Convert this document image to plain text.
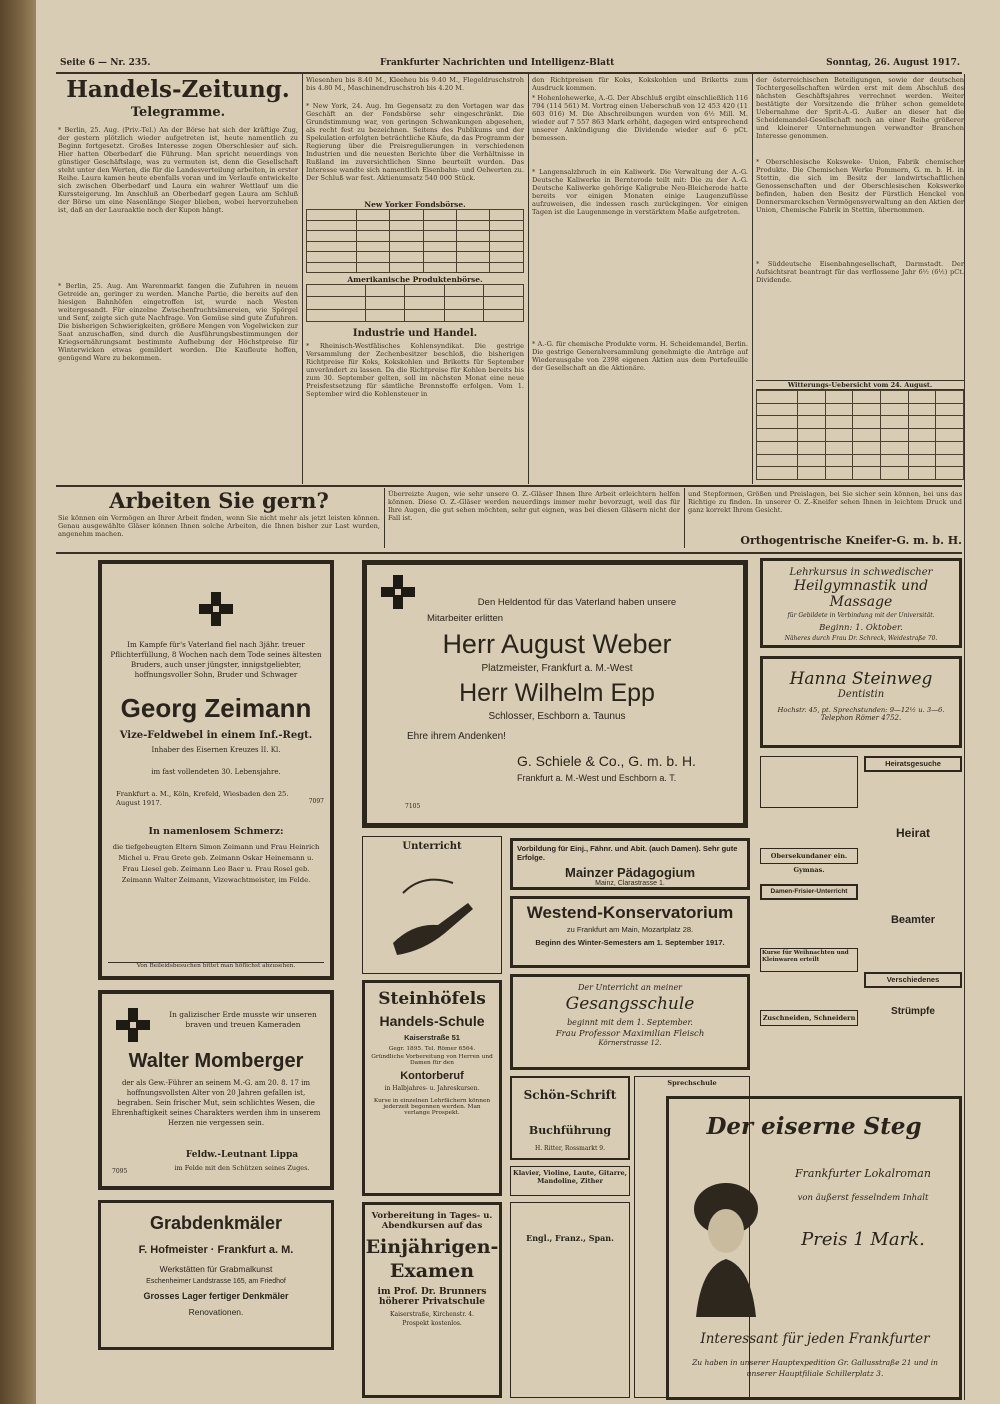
Seite 6 — Nr. 235.	Frankfurter Nachrichten und Intelligenz-Blatt	Sonntag, 26. August 1917.
Handels-Zeitung.
Telegramme.
* Berlin, 25. Aug. (Priv.-Tel.) An der Börse hat sich der kräftige Zug, der gestern plötzlich wieder aufgetreten ist, heute namentlich zu Beginn fortgesetzt. Großes Interesse zogen Oberschlesier auf sich. Hier hatten Oberbedarf die Führung. Man spricht neuerdings von günstiger Geschäftslage, was zu vermuten ist, denn die Gesellschaft steht unter den Werten, die für die Landesverteilung arbeiten, in erster Reihe. Laura kamen heute ebenfalls voran und im Verlaufe entwickelte sich zwischen Oberbedarf und Laura ein wahrer Wettlauf um die Kurssteigerung. Im Anschluß an Oberbedarf gegen Laura am Schluß der Börse um eine Nasenlänge Sieger blieben, wobei hervorzuheben ist, daß an der Lauraaktie noch der Kupon hängt.
* Berlin, 25. Aug. Am Warenmarkt fangen die Zufuhren in neuem Getreide an, geringer zu werden. Manche Partie, die bereits auf den hiesigen Bahnhöfen eingetroffen ist, wurde nach Westen weitergesandt. Für einzelne Zwischenfruchtsämereien, wie Spörgel und Senf, zeigte sich gute Nachfrage. Von Gemüse sind gute Zufuhren. Die bisherigen Schwierigkeiten, größere Mengen von Vogelwicken zur Saat anzuschaffen, sind durch die Ausführungsbestimmungen der Kriegsernährungsamt bestimmte Aufhebung der Höchstpreise für Winterwicken etwas gemildert worden. Die Kaufleute hoffen, genügend Ware zu bekommen.
Wiesenheu bis 8.40 M., Kleeheu bis 9.40 M., Flegeldruschstroh bis 4.80 M., Maschinendruschstroh bis 4.20 M.
* New York, 24. Aug. Im Gegensatz zu den Vortagen war das Geschäft an der Fondsbörse sehr eingeschränkt. Die Grundstimmung war, von geringen Schwankungen abgesehen, als recht fest zu bezeichnen. Seitens des Publikums und der Spekulation erfolgten beträchtliche Käufe, da das Programm der Regierung über die Preisregulierungen in verschiedenen Industrien und die neuesten Berichte über die Verhältnisse in Rußland im zuversichtlichen Sinne beurteilt wurden. Das Interesse wandte sich namentlich Eisenbahn- und Oelwerten zu. Der Schluß war fest. Aktienumsatz 540 000 Stück.
New Yorker Fondsbörse.

Amerikanische Produktenbörse.

Industrie und Handel.
* Rheinisch-Westfälisches Kohlensyndikat. Die gestrige Versammlung der Zechenbesitzer beschloß, die bisherigen Richtpreise für Koks, Kokskohlen und Briketts für September unverändert zu lassen. Da die Richtpreise für Kohlen bereits bis zum 30. September gelten, soll im nächsten Monat eine neue Preisfestsetzung für sämtliche Brennstoffe erfolgen. Vom 1. September wird die Kohlensteuer in
den Richtpreisen für Koks, Kokskohlen und Briketts zum Ausdruck kommen.
* Hohenlohewerke, A.-G. Der Abschluß ergibt einschließlich 116 794 (114 561) M. Vortrag einen Ueberschuß von 12 453 420 (11 603 016) M. Die Abschreibungen wurden von 6½ Mill. M. wieder auf 7 557 863 Mark erhöht, dagegen wird entsprechend unserer Ankündigung die Dividende wieder auf 6 pCt. bemessen.
* Langensalzbruch in ein Kaliwerk. Die Verwaltung der A.-G. Deutsche Kaliwerke in Bernterode teilt mit: Die zu der A.-G. Deutsche Kaliwerke gehörige Kaligrube Neu-Bleicherode hatte bereits vor einigen Monaten einige Laugenzuflüsse aufzuweisen, die indessen rasch zurückgingen. Vor einigen Tagen ist die Laugenmenge in verstärktem Maße aufgetreten.
* A.-G. für chemische Produkte vorm. H. Scheidemandel, Berlin. Die gestrige Generalversammlung genehmigte die Anträge auf Wiederausgabe von 2398 eigenen Aktien aus dem Portefeuille der Gesellschaft an die Aktionäre.
der österreichischen Beteiligungen, sowie der deutschen Tochtergesellschaften würden erst mit dem Abschluß des nächsten Geschäftsjahres verrechnet werden. Weiter bestätigte der Vorsitzende die früher schon gemeldete Uebernahme der Sprit-A.-G. Außer an dieser hat die Scheidemandel-Gesellschaft noch an einer Reihe größerer und kleinerer Unternehmungen verwandter Branchen Interesse genommen.
* Oberschlesische Koksweke- Union, Fabrik chemischer Produkte. Die Chemischen Werke Pommern, G. m. b. H. in Stettin, die sich im Besitz der landwirtschaftlichen Genossenschaften und der Oberschlesischen Kokswerke befinden, haben den Besitz der Fürstlich Henckel von Donnersmarckschen Vermögensverwaltung an den Aktien der Union, Chemische Fabrik in Stettin, übernommen.
* Süddeutsche Eisenbahngesellschaft, Darmstadt. Der Aufsichtsrat beantragt für das verflossene Jahr 6½ (6½) pCt. Dividende.
Witterungs-Uebersicht vom 24. August.

Arbeiten Sie gern?
Sie können ein Vermögen an Ihrer Arbeit finden, wenn Sie nicht mehr als jetzt leisten können. Genau ausgewählte Gläser können Ihnen solche Arbeiten, die Ihnen bisher zur Last wurden, angenehm machen.
Überreizte Augen, wie sehr unsere O. Z.-Gläser Ihnen Ihre Arbeit erleichtern helfen können. Diese O. Z.-Gläser werden neuerdings immer mehr bevorzugt, weil das für Ihre Augen, die gut sehen möchten, sehr gut eignen, was bei diesen Gläsern nicht der Fall ist.
und Stepformen, Größen und Preislagen, bei Sie sicher sein können, bei uns das Richtige zu finden. In unserer O. Z.-Kneifer sehen Ihnen in leichtem Druck und ganz korrekt Ihrem Gesicht.
Orthogentrische Kneifer-G. m. b. H.
Im Kampfe für's Vaterland fiel nach 3jähr. treuer Pflichterfüllung, 8 Wochen nach dem Tode seines ältesten Bruders, auch unser jüngster, innigstgeliebter, hoffnungsvoller Sohn, Bruder und Schwager
Georg Zeimann
Vize-Feldwebel in einem Inf.-Regt.
Inhaber des Eisernen Kreuzes II. Kl.
im fast vollendeten 30. Lebensjahre.
Frankfurt a. M., Köln, Krefeld, Wiesbaden den 25. August 1917.	7097
In namenlosem Schmerz:
die tiefgebeugten Eltern Simon Zeimann und Frau Heinrich Michel u. Frau Grete geb. Zeimann Oskar Heinemann u. Frau Liesel geb. Zeimann Leo Baer u. Frau Rosel geb. Zeimann Walter Zeimann, Vizewachtmeister, im Felde.
Von Beileidsbesuchen bittet man höflichst abzusehen.
Den Heldentod für das Vaterland haben unsere
Mitarbeiter erlitten
Herr August Weber
Platzmeister, Frankfurt a. M.-West
Herr Wilhelm Epp
Schlosser, Eschborn a. Taunus
Ehre ihrem Andenken!
G. Schiele & Co., G. m. b. H.
Frankfurt a. M.-West und Eschborn a. T.
7105
In galizischer Erde musste wir unseren braven und treuen Kameraden
Walter Momberger
der als Gew.-Führer an seinem M.-G. am 20. 8. 17 im hoffnungsvollsten Alter von 20 Jahren gefallen ist, begraben. Sein frischer Mut, sein schlichtes Wesen, die Ehrenhaftigkeit seines Charakters werden ihm in unserem Herzen nie vergessen sein.
Feldw.-Leutnant Lippa
im Felde mit den Schützen seines Zuges.
7095
Grabdenkmäler
F. Hofmeister · Frankfurt a. M.
Werkstätten für Grabmalkunst
Eschenheimer Landstrasse 165, am Friedhof
Grosses Lager fertiger Denkmäler
Renovationen.
Unterricht
Steinhöfels
Handels-Schule
Kaiserstraße 51
Gegr. 1895. Tel. Römer 6564.
Gründliche Vorbereitung von Herren und Damen für den
Kontorberuf
in Halbjahres- u. Jahreskursen.
Kurse in einzelnen Lehrfächern können jederzeit begonnen werden. Man verlange Prospekt.
Vorbereitung in Tages- u. Abendkursen auf das
Einjährigen-Examen
im Prof. Dr. Brunners höherer Privatschule
Kaiserstraße, Kirchenstr. 4.
Prospekt kostenlos.
Vorbildung für Einj., Fähnr. und Abit. (auch Damen). Sehr gute Erfolge.
Mainzer Pädagogium
Mainz, Clarastrasse 1.
Westend-Konservatorium
zu Frankfurt am Main, Mozartplatz 28.
Beginn des Winter-Semesters am 1. September 1917.
Der Unterricht an meiner
Gesangsschule
beginnt mit dem 1. September.
Frau Professor Maximilian Fleisch
Körnerstrasse 12.
Schön-Schrift
Buchführung
H. Ritter, Rossmarkt 9.
Klavier, Violine, Laute, Gitarre, Mandoline, Zither
Engl., Franz., Span.
Sprechschule
Lehrkursus in schwedischer
Heilgymnastik und Massage
für Gebildete in Verbindung mit der Universität.
Beginn: 1. Oktober.
Näheres durch Frau Dr. Schreck, Weidestraße 70.
Hanna Steinweg
Dentistin
Hochstr. 45, pt. Sprechstunden: 9—12½ u. 3—6.
Telephon Römer 4752.
Heiratsgesuche
Heirat
Obersekundaner ein. Gymnas.
Damen-Frisier-Unterricht
Beamter
Kurse für Weihnachten und Kleinwaren erteilt
Verschiedenes
Zuschneiden, Schneidern
Strümpfe
Der eiserne Steg
Frankfurter Lokalroman
von äußerst fesselndem Inhalt
Preis 1 Mark.
Interessant für jeden Frankfurter
Zu haben in unserer Hauptexpedition Gr. Gallusstraße 21 und in unserer Hauptfiliale Schillerplatz 3.
